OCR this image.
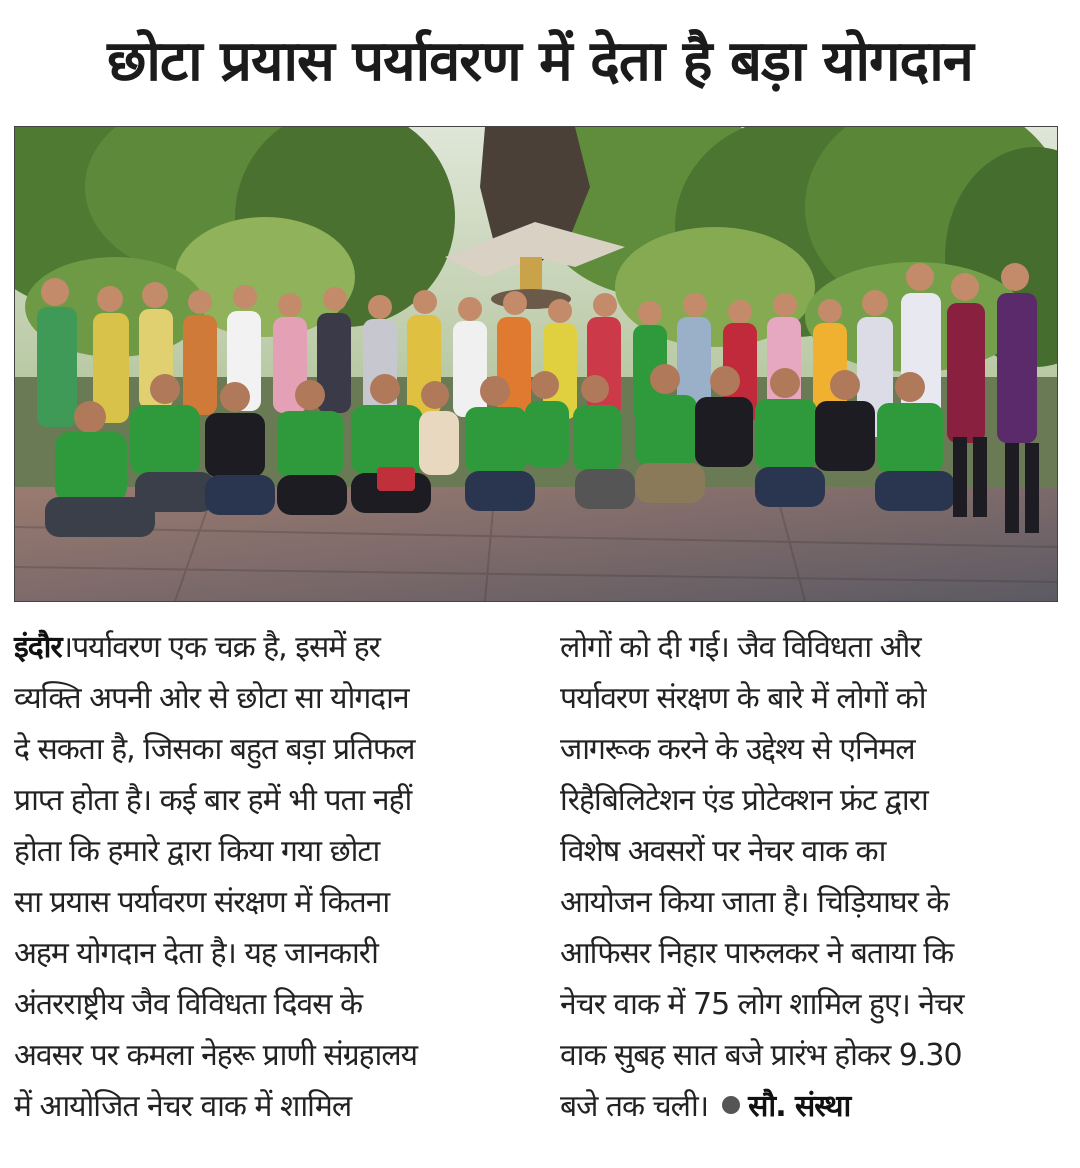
छोटा प्रयास पर्यावरण में देता है बड़ा योगदान
इंदौर।पर्यावरण एक चक्र है, इसमें हर
व्यक्ति अपनी ओर से छोटा सा योगदान
दे सकता है, जिसका बहुत बड़ा प्रतिफल
प्राप्त होता है। कई बार हमें भी पता नहीं
होता कि हमारे द्वारा किया गया छोटा
सा प्रयास पर्यावरण संरक्षण में कितना
अहम योगदान देता है। यह जानकारी
अंतरराष्ट्रीय जैव विविधता दिवस के
अवसर पर कमला नेहरू प्राणी संग्रहालय
में आयोजित नेचर वाक में शामिल
लोगों को दी गई। जैव विविधता और
पर्यावरण संरक्षण के बारे में लोगों को
जागरूक करने के उद्देश्य से एनिमल
रिहैबिलिटेशन एंड प्रोटेक्शन फ्रंट द्वारा
विशेष अवसरों पर नेचर वाक का
आयोजन किया जाता है। चिड़ियाघर के
आफिसर निहार पारुलकर ने बताया कि
नेचर वाक में 75 लोग शामिल हुए। नेचर
वाक सुबह सात बजे प्रारंभ होकर 9.30
बजे तक चली। सौ. संस्था
